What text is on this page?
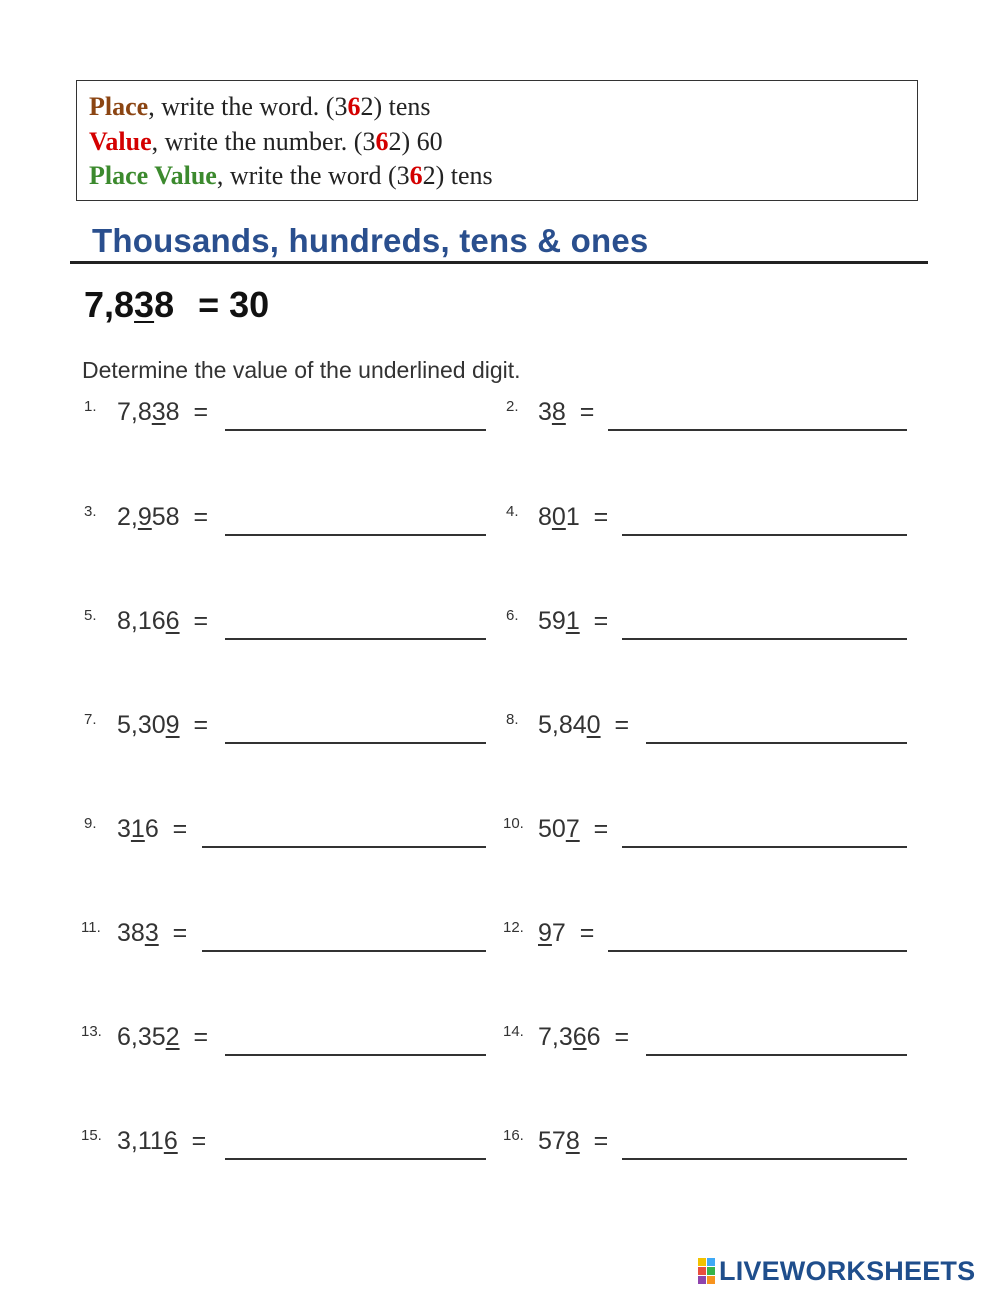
Place, write the word. (362) tens
Value, write the number. (362) 60
Place Value, write the word (362) tens
Thousands, hundreds, tens & ones
7,838 = 30
Determine the value of the underlined digit.
1. 7,838 =	2. 38 =
3. 2,958 =	4. 801 =
5. 8,166 =	6. 591 =
7. 5,309 =	8. 5,840 =
9. 316 =	10. 507 =
11. 383 =	12. 97 =
13. 6,352 =	14. 7,366 =
15. 3,116 =	16. 578 =
LIVEWORKSHEETS
